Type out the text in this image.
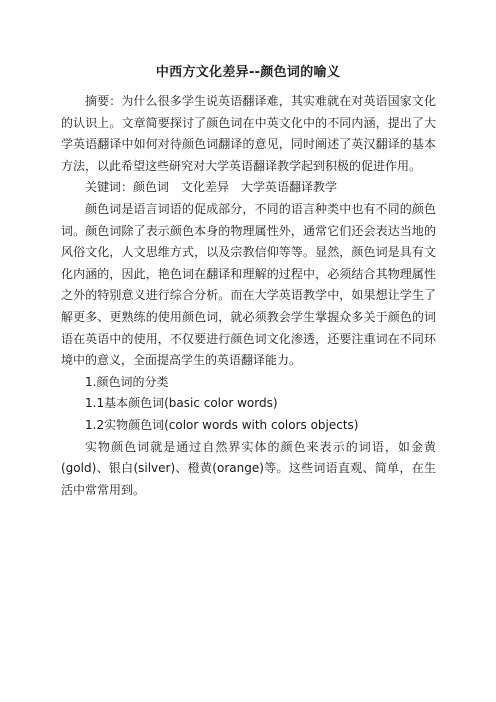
中西方文化差异--颜色词的喻义

摘要：为什么很多学生说英语翻译难，其实难就在对英语国家文化的认识上。文章简要探讨了颜色词在中英文化中的不同内涵，提出了大学英语翻译中如何对待颜色词翻译的意见，同时阐述了英汉翻译的基本方法，以此希望这些研究对大学英语翻译教学起到积极的促进作用。

关键词：颜色词 文化差异 大学英语翻译教学

颜色词是语言词语的促成部分，不同的语言种类中也有不同的颜色词。颜色词除了表示颜色本身的物理属性外，通常它们还会表达当地的风俗文化，人文思维方式，以及宗教信仰等等。显然，颜色词是具有文化内涵的，因此，艳色词在翻译和理解的过程中，必须结合其物理属性之外的特别意义进行综合分析。而在大学英语教学中，如果想让学生了解更多、更熟练的使用颜色词，就必须教会学生掌握众多关于颜色的词语在英语中的使用，不仅要进行颜色词文化渗透，还要注重词在不同环境中的意义，全面提高学生的英语翻译能力。

1.颜色词的分类

1.1基本颜色词(basic color words)

1.2实物颜色词(color words with colors objects)

实物颜色词就是通过自然界实体的颜色来表示的词语，如金黄(gold)、银白(silver)、橙黄(orange)等。这些词语直观、简单，在生活中常常用到。
